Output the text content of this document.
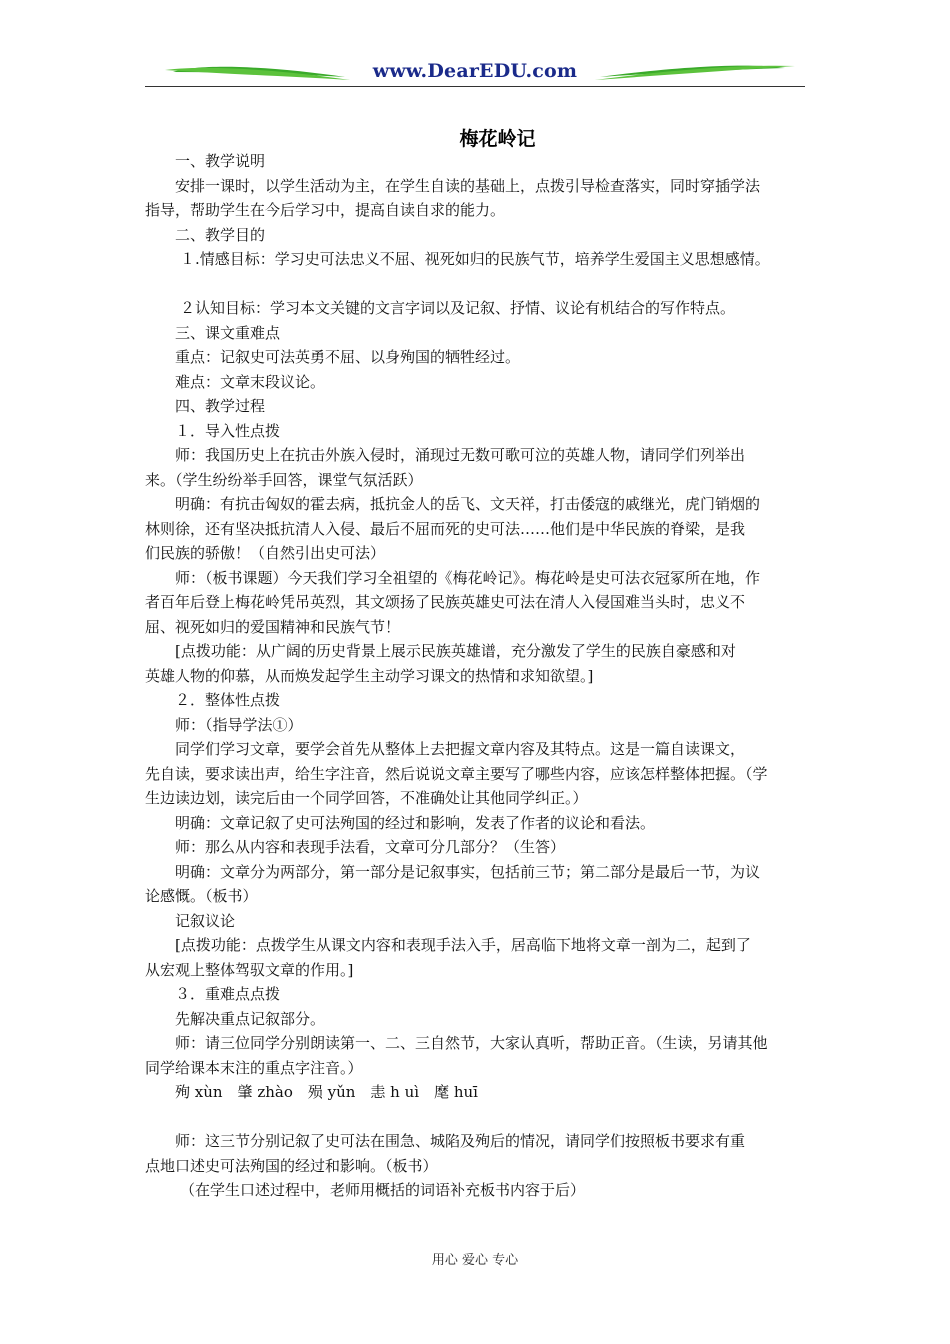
www.DearEDU.com
梅花岭记

一、教学说明

安排一课时，以学生活动为主，在学生自读的基础上，点拨引导检查落实，同时穿插学法

指导，帮助学生在今后学习中，提高自读自求的能力。

二、教学目的

１.情感目标：学习史可法忠义不屈、视死如归的民族气节，培养学生爱国主义思想感情。

２认知目标：学习本文关键的文言字词以及记叙、抒情、议论有机结合的写作特点。

三、课文重难点

重点：记叙史可法英勇不屈、以身殉国的牺牲经过。

难点：文章末段议论。

四、教学过程

１．导入性点拨

师：我国历史上在抗击外族入侵时，涌现过无数可歌可泣的英雄人物，请同学们列举出

来。（学生纷纷举手回答，课堂气氛活跃）

明确：有抗击匈奴的霍去病，抵抗金人的岳飞、文天祥，打击倭寇的戚继光，虎门销烟的

林则徐，还有坚决抵抗清人入侵、最后不屈而死的史可法……他们是中华民族的脊梁，是我

们民族的骄傲！（自然引出史可法）

师：（板书课题）今天我们学习全祖望的《梅花岭记》。梅花岭是史可法衣冠冢所在地，作

者百年后登上梅花岭凭吊英烈，其文颂扬了民族英雄史可法在清人入侵国难当头时，忠义不

屈、视死如归的爱国精神和民族气节！

[点拨功能：从广阔的历史背景上展示民族英雄谱，充分激发了学生的民族自豪感和对

英雄人物的仰慕，从而焕发起学生主动学习课文的热情和求知欲望。]

２．整体性点拨

师：（指导学法①）

同学们学习文章，要学会首先从整体上去把握文章内容及其特点。这是一篇自读课文，

先自读，要求读出声，给生字注音，然后说说文章主要写了哪些内容，应该怎样整体把握。（学

生边读边划，读完后由一个同学回答，不准确处让其他同学纠正。）

明确：文章记叙了史可法殉国的经过和影响，发表了作者的议论和看法。

师：那么从内容和表现手法看，文章可分几部分？（生答）

明确：文章分为两部分，第一部分是记叙事实，包括前三节；第二部分是最后一节，为议

论感慨。（板书）

记叙议论

[点拨功能：点拨学生从课文内容和表现手法入手，居高临下地将文章一剖为二，起到了

从宏观上整体驾驭文章的作用。]

３．重难点点拨

先解决重点记叙部分。

师：请三位同学分别朗读第一、二、三自然节，大家认真听，帮助正音。（生读，另请其他

同学给课本末注的重点字注音。）

殉 xùn　肇 zhào　殒 yǔn　恚 h uì　麾 huī

师：这三节分别记叙了史可法在围急、城陷及殉后的情况，请同学们按照板书要求有重

点地口述史可法殉国的经过和影响。（板书）

（在学生口述过程中，老师用概括的词语补充板书内容于后）

用心 爱心 专心
